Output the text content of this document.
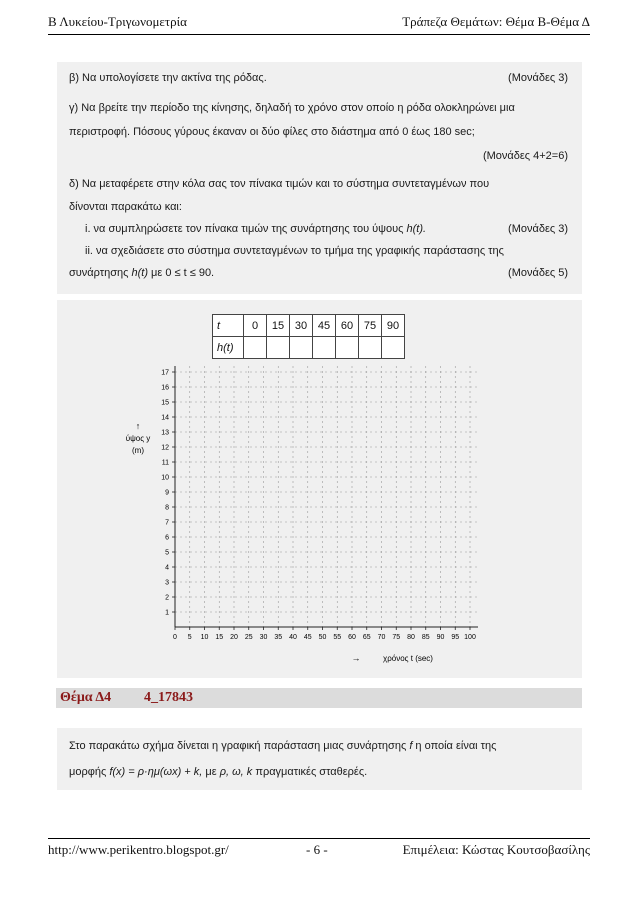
Β Λυκείου-Τριγωνομετρία	Τράπεζα Θεμάτων: Θέμα Β-Θέμα Δ
β) Να υπολογίσετε την ακτίνα της ρόδας.	(Μονάδες 3)
γ) Να βρείτε την περίοδο της κίνησης, δηλαδή το χρόνο στον οποίο η ρόδα ολοκληρώνει μια
περιστροφή. Πόσους γύρους έκαναν οι δύο φίλες στο διάστημα από 0 έως 180 sec;
(Μονάδες 4+2=6)
δ) Να μεταφέρετε στην κόλα σας τον πίνακα τιμών και το σύστημα συντεταγμένων που
δίνονται παρακάτω και:
i. να συμπληρώσετε τον πίνακα τιμών της συνάρτησης του ύψους h(t).	(Μονάδες 3)
ii. να σχεδιάσετε στο σύστημα συντεταγμένων το τμήμα της γραφικής παράστασης της
συνάρτησης h(t) με 0 ≤ t ≤ 90.	(Μονάδες 5)
t	0	15	30	45	60	75	90
h(t)							
0 5 10 15 20 25 30 35 40 45 50 55 60 65 70 75 80 85 90 95 100
1
2
3
4
5
6
7
8
9
10
11
12
13
14
15
16
17
↑
ύψος y
(m)
→	χρόνος t (sec)
Θέμα Δ4 4_17843
Στο παρακάτω σχήμα δίνεται η γραφική παράσταση μιας συνάρτησης f η οποία είναι της
μορφής f(x) = ρ·ημ(ωx) + k, με ρ, ω, k πραγματικές σταθερές.
http://www.perikentro.blogspot.gr/	- 6 -	Επιμέλεια: Κώστας Κουτσοβασίλης
